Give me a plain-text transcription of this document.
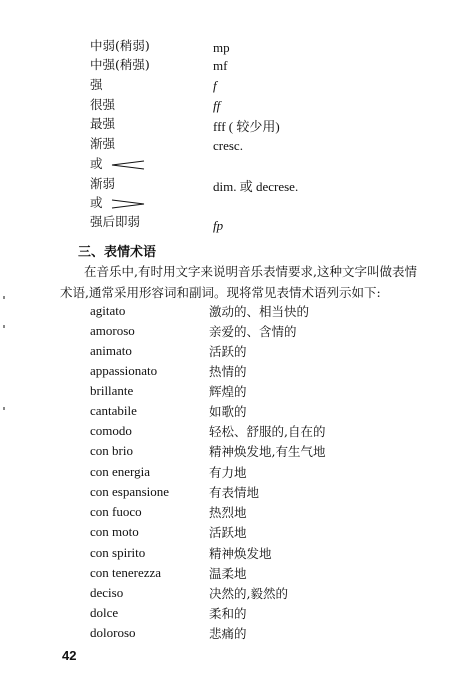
中弱(稍弱)	mp
中强(稍强)	mf
强	f
很强	ff
最强	fff ( 较少用)
渐强	cresc.
或
渐弱	dim. 或 decrese.
或
强后即弱	fp
三、表情术语
在音乐中,有时用文字来说明音乐表情要求,这种文字叫做表情
术语,通常采用形容词和副词。现将常见表情术语列示如下:
agitato	激动的、相当快的
amoroso	亲爱的、含情的
animato	活跃的
appassionato	热情的
brillante	辉煌的
cantabile	如歌的
comodo	轻松、舒服的,自在的
con brio	精神焕发地,有生气地
con energia	有力地
con espansione	有表情地
con fuoco	热烈地
con moto	活跃地
con spirito	精神焕发地
con tenerezza	温柔地
deciso	决然的,毅然的
dolce	柔和的
doloroso	悲痛的
42
